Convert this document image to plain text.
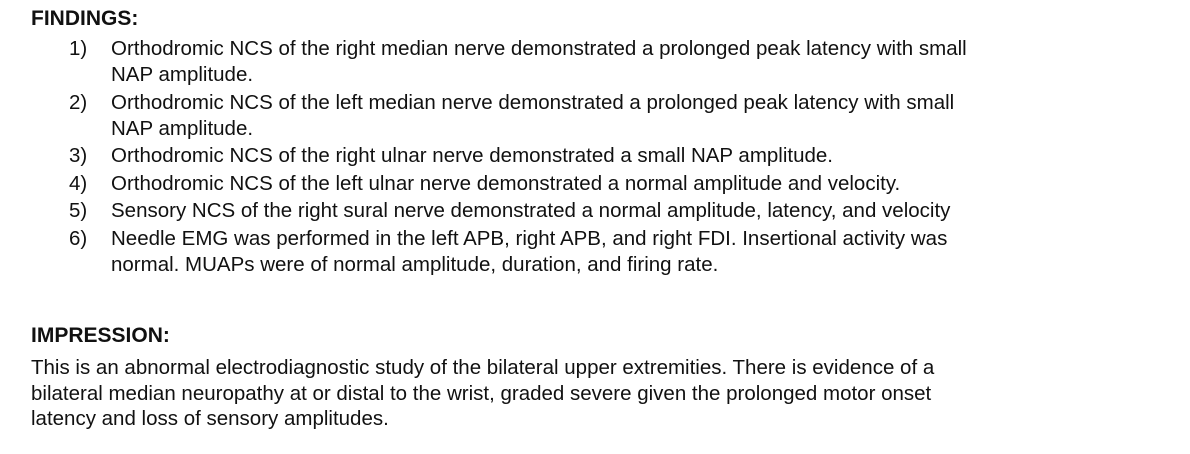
FINDINGS:
1) Orthodromic NCS of the right median nerve demonstrated a prolonged peak latency with small
NAP amplitude.
2) Orthodromic NCS of the left median nerve demonstrated a prolonged peak latency with small
NAP amplitude.
3) Orthodromic NCS of the right ulnar nerve demonstrated a small NAP amplitude.
4) Orthodromic NCS of the left ulnar nerve demonstrated a normal amplitude and velocity.
5) Sensory NCS of the right sural nerve demonstrated a normal amplitude, latency, and velocity
6) Needle EMG was performed in the left APB, right APB, and right FDI. Insertional activity was
normal. MUAPs were of normal amplitude, duration, and firing rate.
IMPRESSION:

This is an abnormal electrodiagnostic study of the bilateral upper extremities. There is evidence of a
bilateral median neuropathy at or distal to the wrist, graded severe given the prolonged motor onset
latency and loss of sensory amplitudes.
